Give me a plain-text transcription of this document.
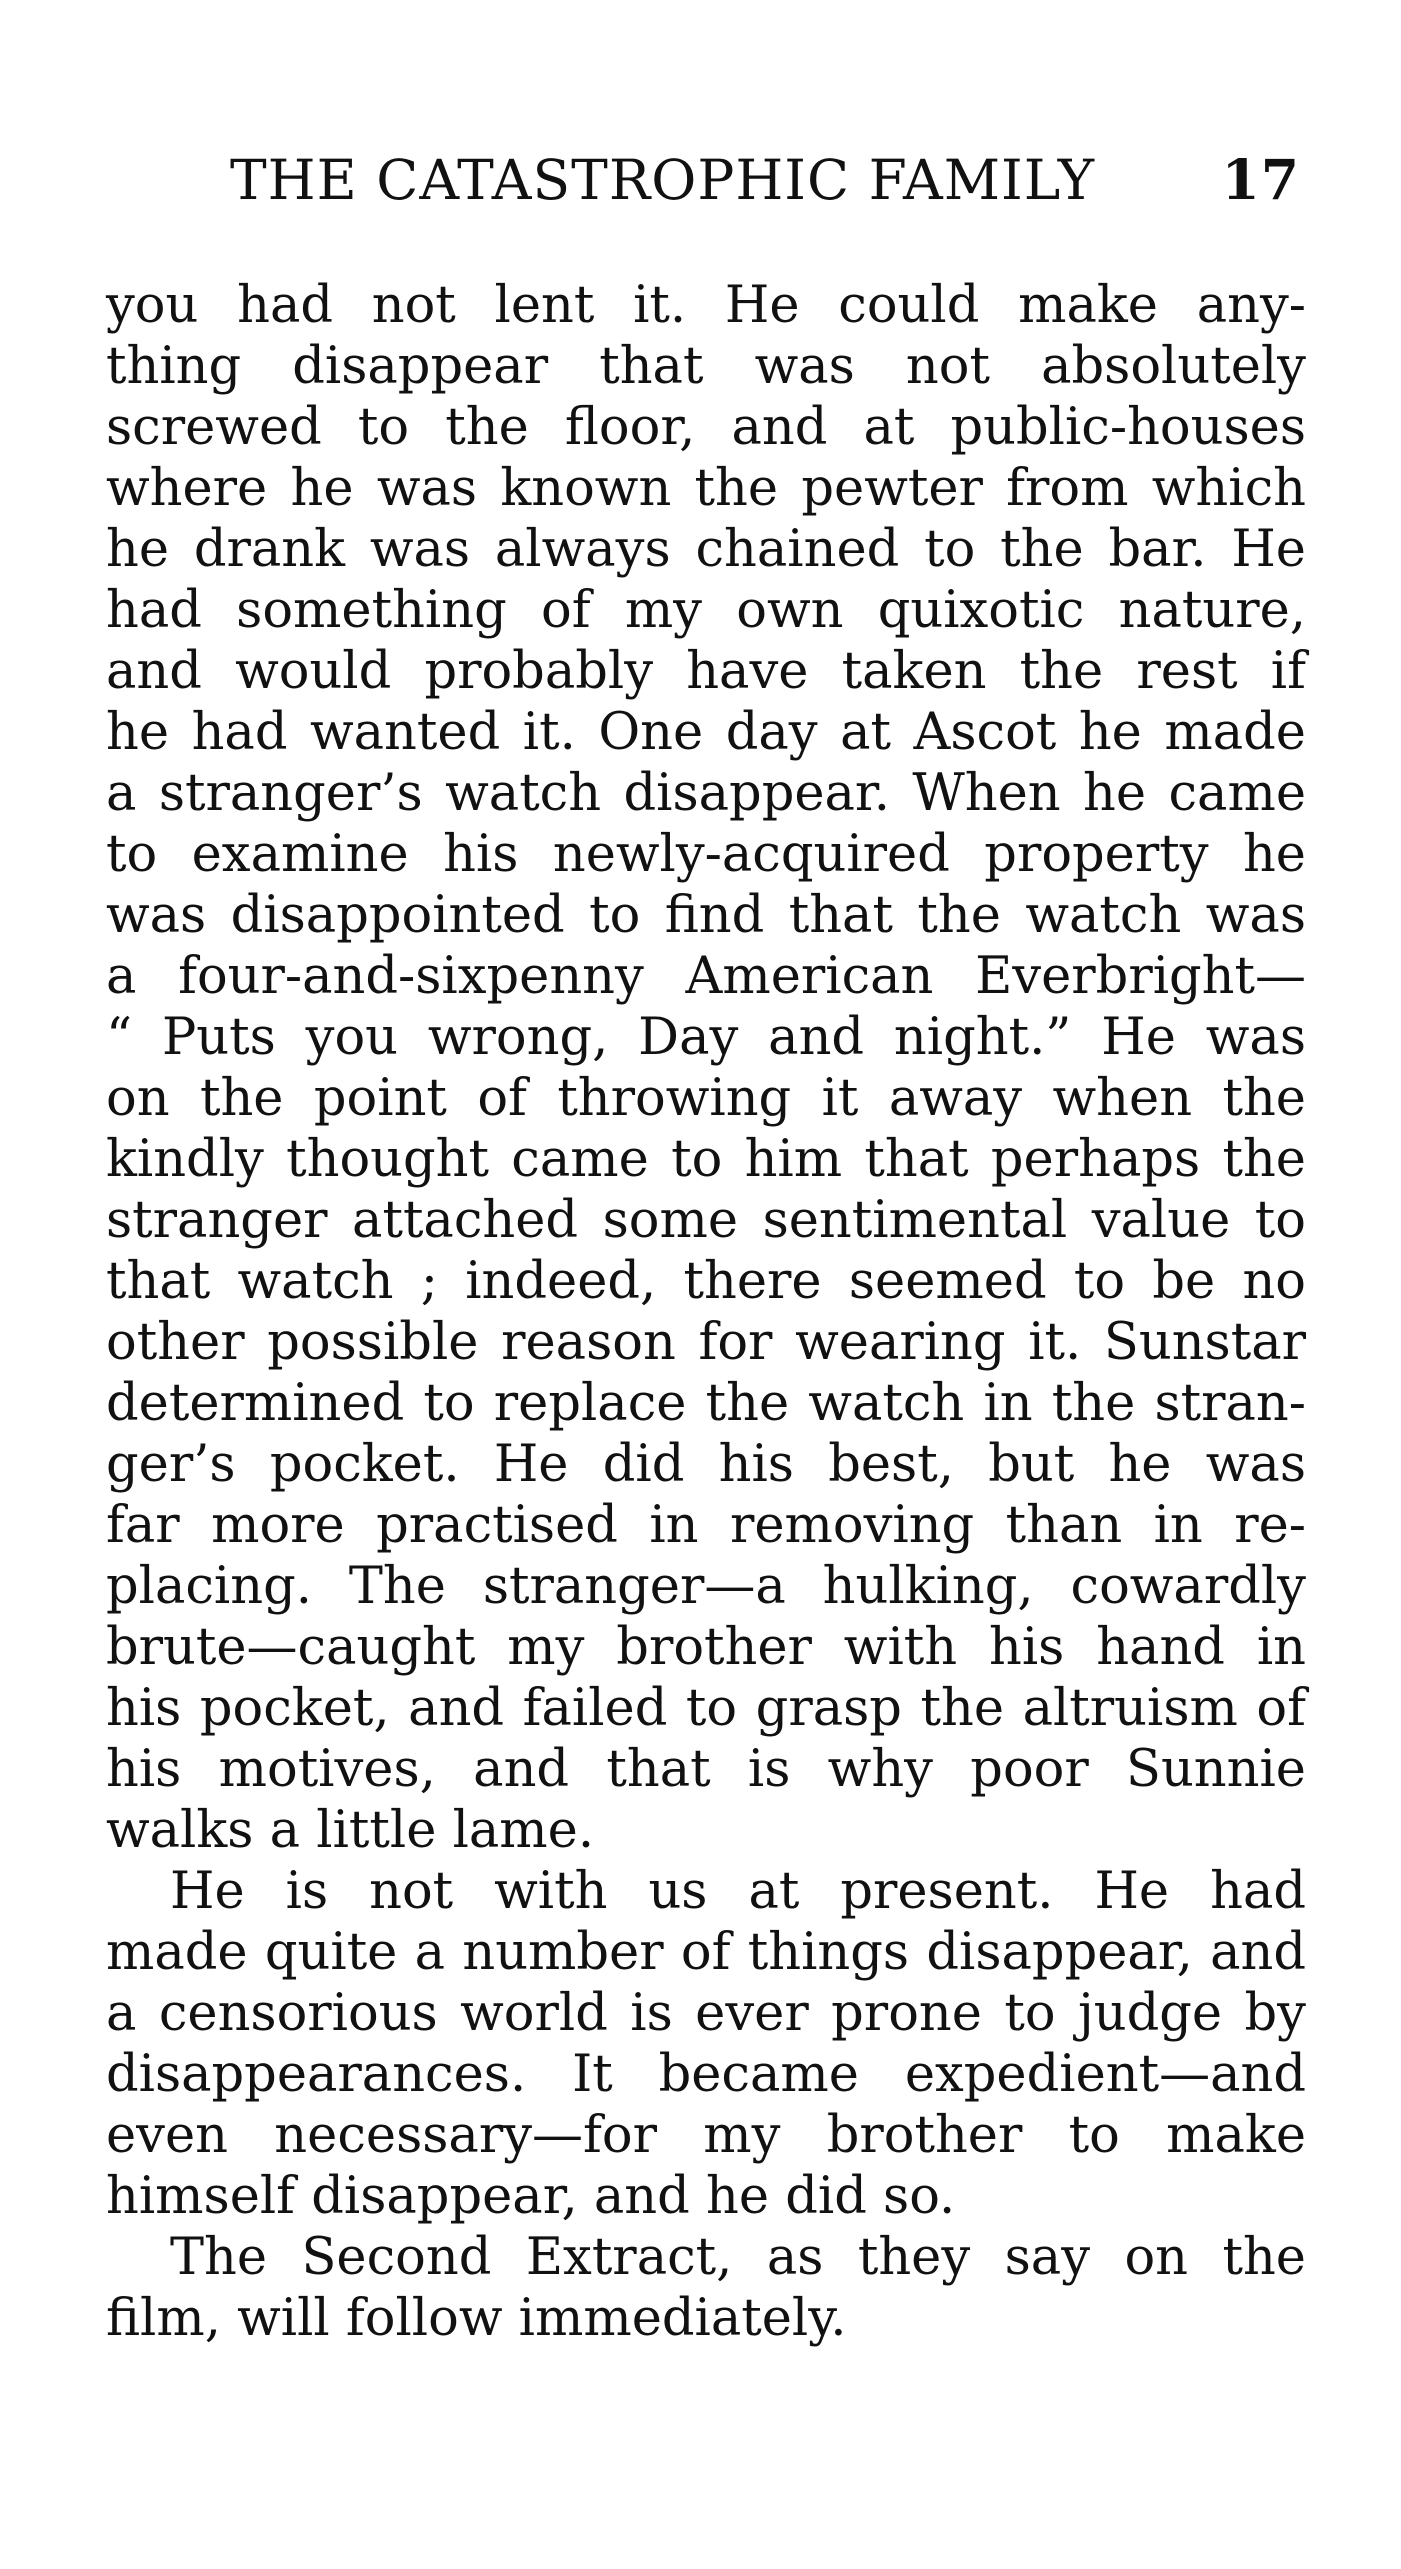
THE CATASTROPHIC FAMILY 17
you had not lent it. He could make any-
thing disappear that was not absolutely
screwed to the floor, and at public-houses
where he was known the pewter from which
he drank was always chained to the bar. He
had something of my own quixotic nature,
and would probably have taken the rest if
he had wanted it. One day at Ascot he made
a stranger’s watch disappear. When he came
to examine his newly-acquired property he
was disappointed to find that the watch was
a four-and-sixpenny American Everbright—
“ Puts you wrong, Day and night.” He was
on the point of throwing it away when the
kindly thought came to him that perhaps the
stranger attached some sentimental value to
that watch ; indeed, there seemed to be no
other possible reason for wearing it. Sunstar
determined to replace the watch in the stran-
ger’s pocket. He did his best, but he was
far more practised in removing than in re-
placing. The stranger—a hulking, cowardly
brute—caught my brother with his hand in
his pocket, and failed to grasp the altruism of
his motives, and that is why poor Sunnie
walks a little lame.
He is not with us at present. He had
made quite a number of things disappear, and
a censorious world is ever prone to judge by
disappearances. It became expedient—and
even necessary—for my brother to make
himself disappear, and he did so.
The Second Extract, as they say on the
film, will follow immediately.
